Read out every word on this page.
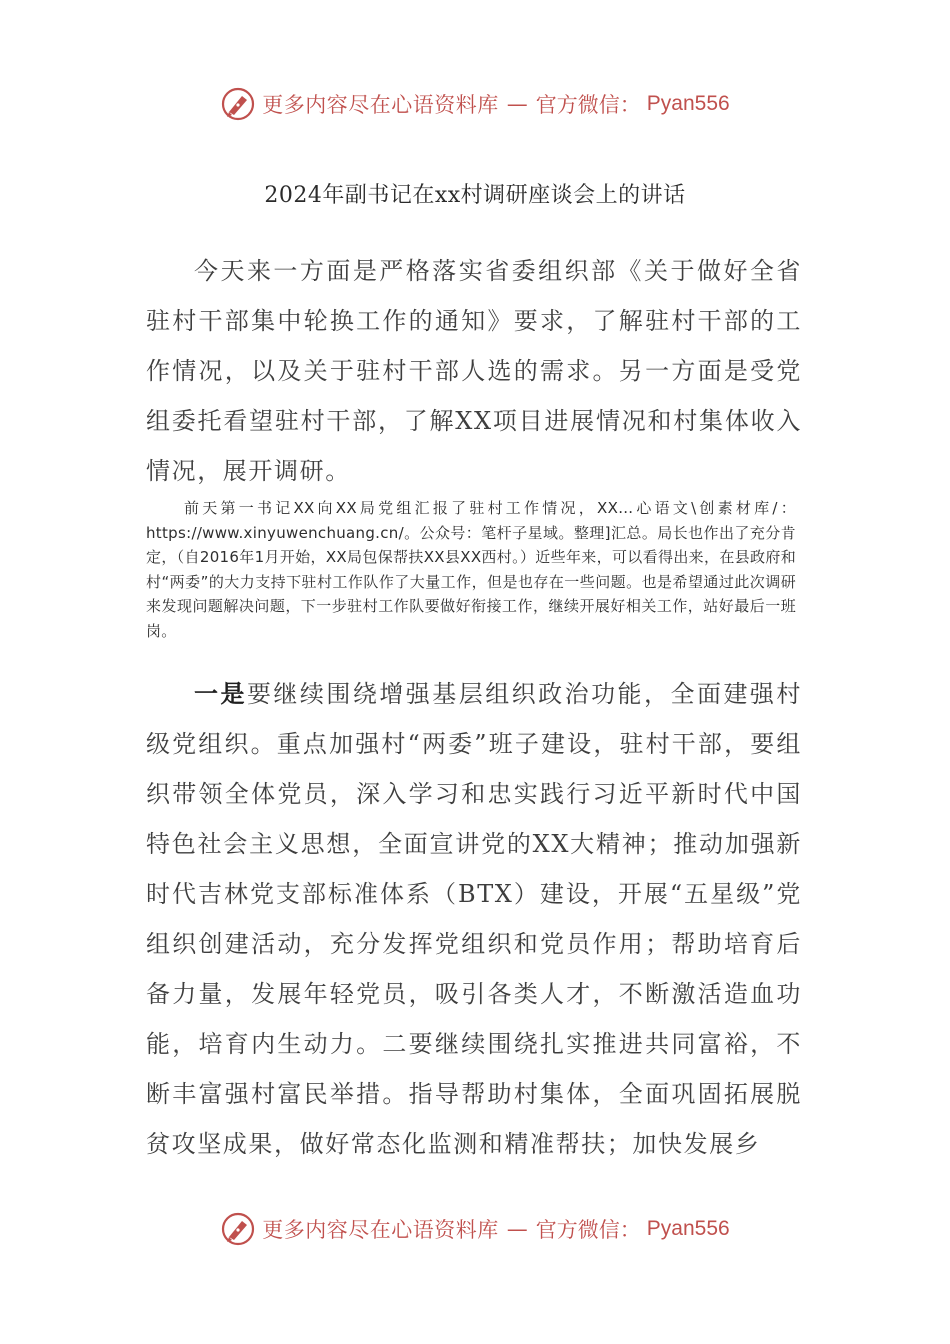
更多内容尽在心语资料库 — 官方微信： Pyan556
2024年副书记在xx村调研座谈会上的讲话

今天来一方面是严格落实省委组织部《关于做好全省驻村干部集中轮换工作的通知》要求，了解驻村干部的工作情况，以及关于驻村干部人选的需求。另一方面是受党组委托看望驻村干部，了解XX项目进展情况和村集体收入情况，展开调研。

前天第一书记XX向XX局党组汇报了驻村工作情况，XX…心语文\创素材库/：https://www.xinyuwenchuang.cn/。公众号：笔杆子星域。整理]汇总。局长也作出了充分肯定，（自2016年1月开始，XX局包保帮扶XX县XX西村。）近些年来，可以看得出来，在县政府和村“两委”的大力支持下驻村工作队作了大量工作，但是也存在一些问题。也是希望通过此次调研来发现问题解决问题，下一步驻村工作队要做好衔接工作，继续开展好相关工作，站好最后一班岗。

一是要继续围绕增强基层组织政治功能，全面建强村级党组织。重点加强村“两委”班子建设，驻村干部，要组织带领全体党员，深入学习和忠实践行习近平新时代中国特色社会主义思想，全面宣讲党的XX大精神；推动加强新时代吉林党支部标准体系（BTX）建设，开展“五星级”党组织创建活动，充分发挥党组织和党员作用；帮助培育后备力量，发展年轻党员，吸引各类人才，不断激活造血功能，培育内生动力。二要继续围绕扎实推进共同富裕，不断丰富强村富民举措。指导帮助村集体，全面巩固拓展脱贫攻坚成果，做好常态化监测和精准帮扶；加快发展乡

更多内容尽在心语资料库 — 官方微信： Pyan556
